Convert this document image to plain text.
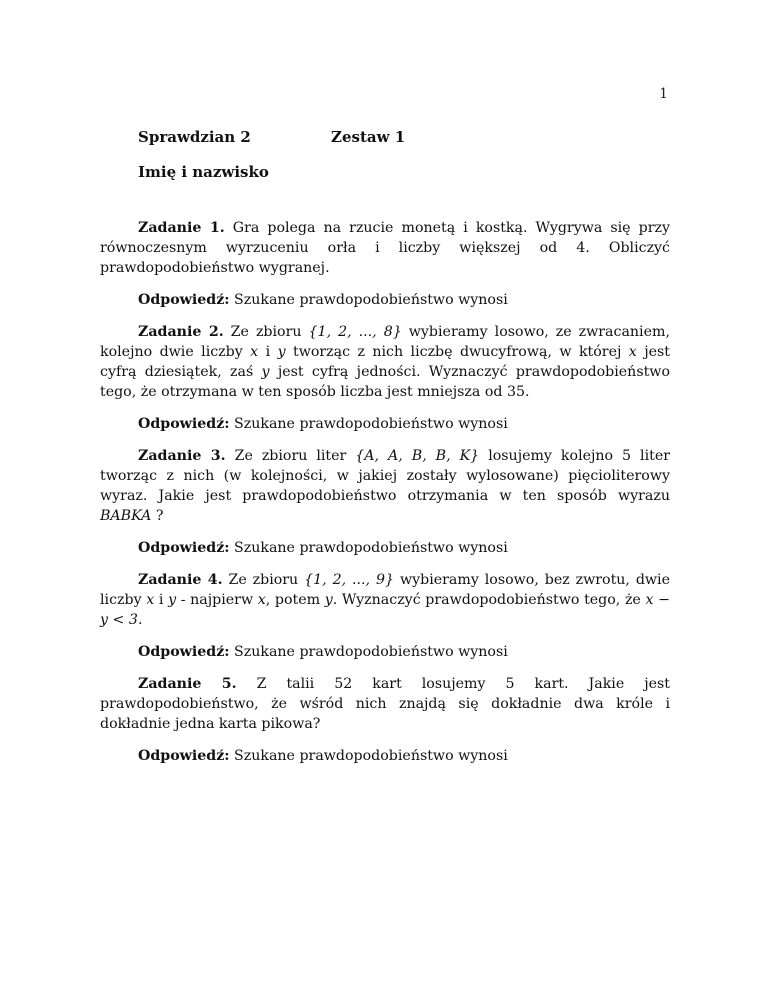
1
Sprawdzian 2	Zestaw 1
Imię i nazwisko

Zadanie 1. Gra polega na rzucie monetą i kostką. Wygrywa się przy równoczesnym wyrzuceniu orła i liczby większej od 4. Obliczyć prawdopodobieństwo wygranej.

Odpowiedź: Szukane prawdopodobieństwo wynosi

Zadanie 2. Ze zbioru {1, 2, ..., 8} wybieramy losowo, ze zwracaniem, kolejno dwie liczby x i y tworząc z nich liczbę dwucyfrową, w której x jest cyfrą dziesiątek, zaś y jest cyfrą jedności. Wyznaczyć prawdopodobieństwo tego, że otrzymana w ten sposób liczba jest mniejsza od 35.

Odpowiedź: Szukane prawdopodobieństwo wynosi

Zadanie 3. Ze zbioru liter {A, A, B, B, K} losujemy kolejno 5 liter tworząc z nich (w kolejności, w jakiej zostały wylosowane) pięcioliterowy wyraz. Jakie jest prawdopodobieństwo otrzymania w ten sposób wyrazu BABKA ?

Odpowiedź: Szukane prawdopodobieństwo wynosi

Zadanie 4. Ze zbioru {1, 2, ..., 9} wybieramy losowo, bez zwrotu, dwie liczby x i y - najpierw x, potem y. Wyznaczyć prawdopodobieństwo tego, że x − y < 3.

Odpowiedź: Szukane prawdopodobieństwo wynosi

Zadanie 5. Z talii 52 kart losujemy 5 kart. Jakie jest prawdopodobieństwo, że wśród nich znajdą się dokładnie dwa króle i dokładnie jedna karta pikowa?

Odpowiedź: Szukane prawdopodobieństwo wynosi
